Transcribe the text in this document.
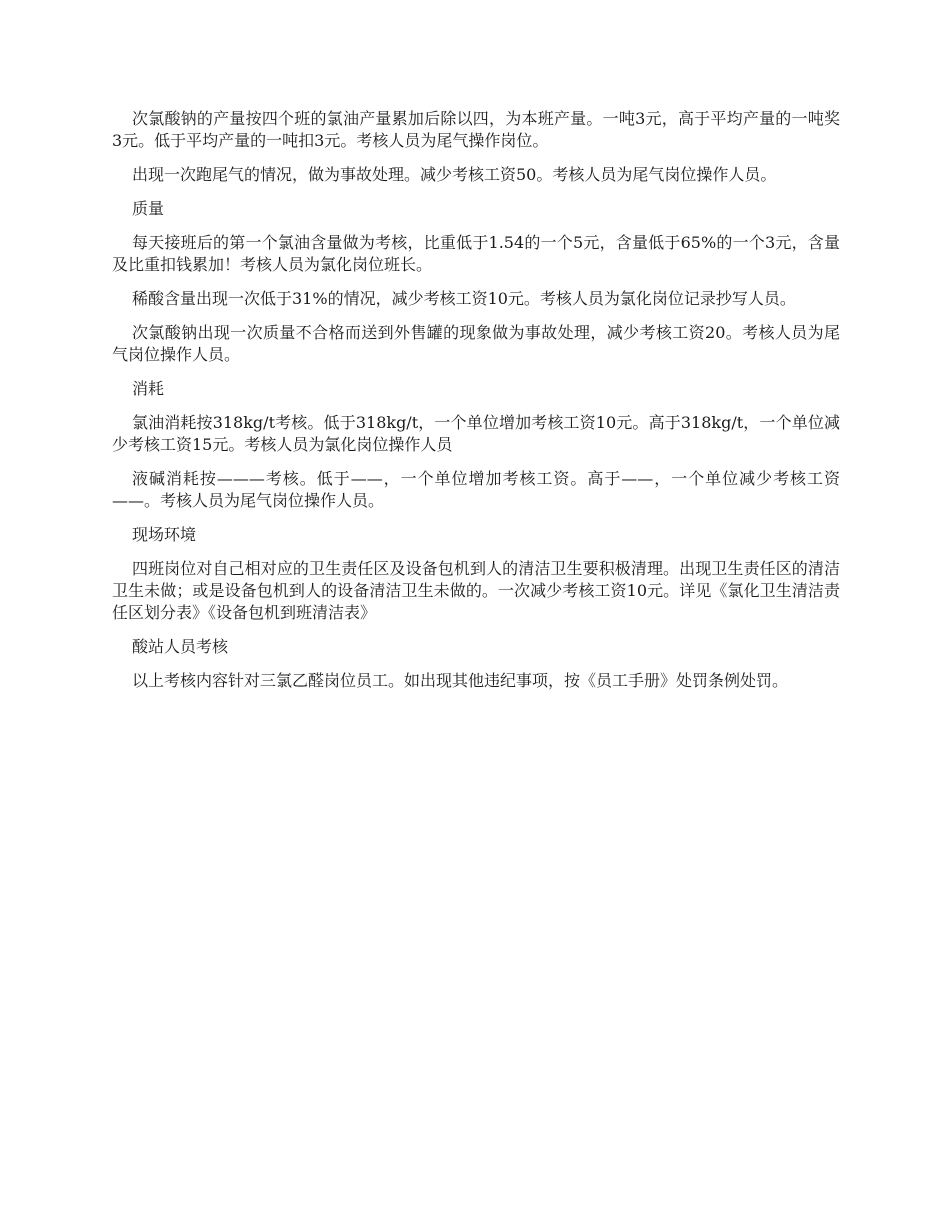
次氯酸钠的产量按四个班的氯油产量累加后除以四，为本班产量。一吨3元，高于平均产量的一吨奖3元。低于平均产量的一吨扣3元。考核人员为尾气操作岗位。

出现一次跑尾气的情况，做为事故处理。减少考核工资50。考核人员为尾气岗位操作人员。

质量

每天接班后的第一个氯油含量做为考核，比重低于1.54的一个5元，含量低于65%的一个3元，含量及比重扣钱累加！考核人员为氯化岗位班长。

稀酸含量出现一次低于31%的情况，减少考核工资10元。考核人员为氯化岗位记录抄写人员。

次氯酸钠出现一次质量不合格而送到外售罐的现象做为事故处理，减少考核工资20。考核人员为尾气岗位操作人员。

消耗

氯油消耗按318kg/t考核。低于318kg/t，一个单位增加考核工资10元。高于318kg/t，一个单位减少考核工资15元。考核人员为氯化岗位操作人员

液碱消耗按———考核。低于——，一个单位增加考核工资。高于——，一个单位减少考核工资——。考核人员为尾气岗位操作人员。

现场环境

四班岗位对自己相对应的卫生责任区及设备包机到人的清洁卫生要积极清理。出现卫生责任区的清洁卫生未做；或是设备包机到人的设备清洁卫生未做的。一次减少考核工资10元。详见《氯化卫生清洁责任区划分表》《设备包机到班清洁表》

酸站人员考核

以上考核内容针对三氯乙醛岗位员工。如出现其他违纪事项，按《员工手册》处罚条例处罚。
